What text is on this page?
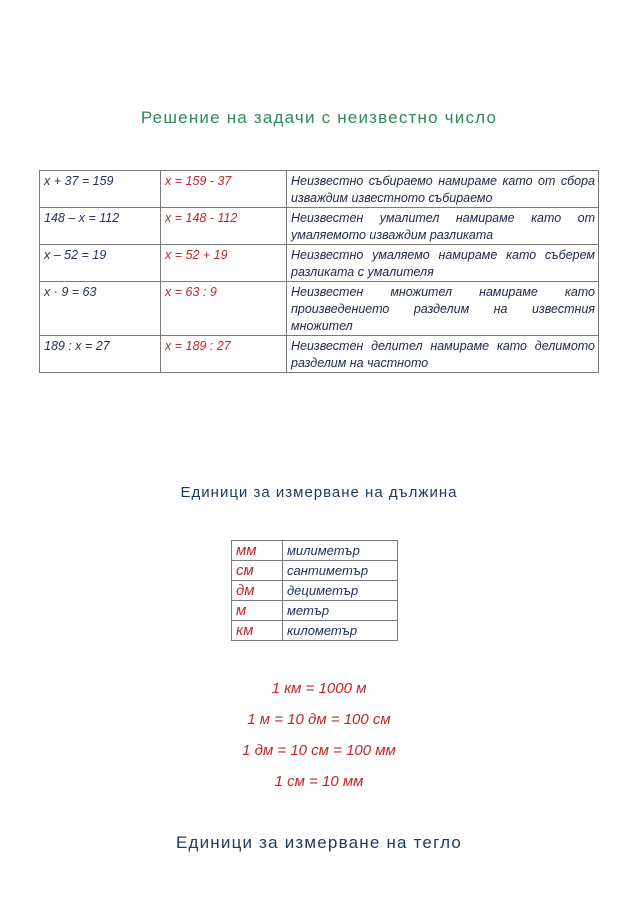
Решение на задачи с неизвестно число
x + 37 = 159	x = 159 - 37	Неизвестно събираемо намираме като от сбора изваждим известното събираемо
148 – x = 112	x = 148 - 112	Неизвестен умалител намираме като от умаляемото изваждим разликата
x – 52 = 19	x = 52 + 19	Неизвестно умаляемо намираме като съберем разликата с умалителя
x · 9 = 63	x = 63 : 9	Неизвестен множител намираме като произведението разделим на известния множител
189 : x = 27	x = 189 : 27	Неизвестен делител намираме като делимото разделим на частното
Единици за измерване на дължина
мм	милиметър
см	сантиметър
дм	дециметър
м	метър
км	километър
1 км = 1000 м
1 м = 10 дм = 100 см
1 дм = 10 см = 100 мм
1 см = 10 мм
Единици за измерване на тегло
